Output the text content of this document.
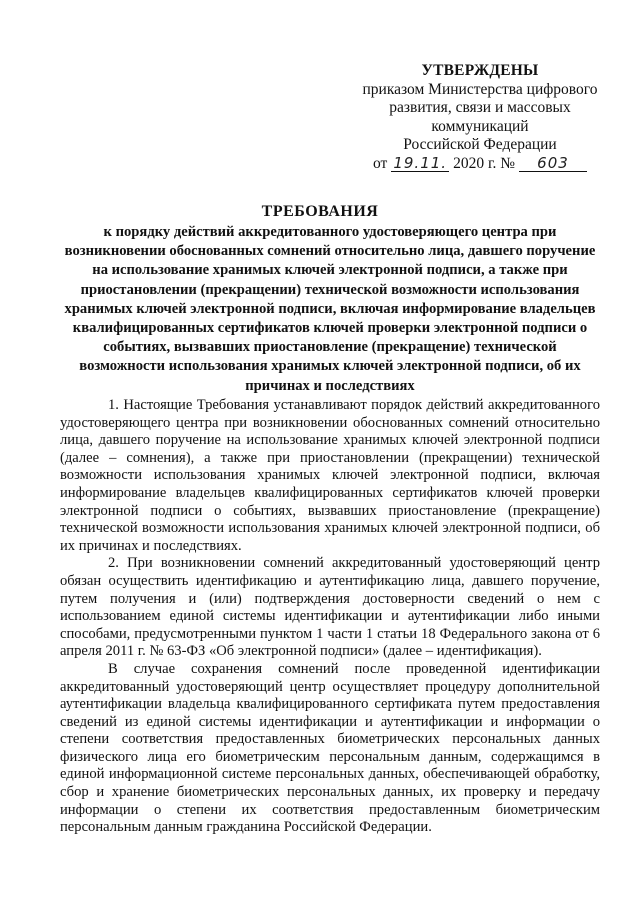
УТВЕРЖДЕНЫ
приказом Министерства цифрового
развития, связи и массовых
коммуникаций
Российской Федерации
от 19.11. 2020 г. № 603
ТРЕБОВАНИЯ
к порядку действий аккредитованного удостоверяющего центра при возникновении обоснованных сомнений относительно лица, давшего поручение на использование хранимых ключей электронной подписи, а также при приостановлении (прекращении) технической возможности использования хранимых ключей электронной подписи, включая информирование владельцев квалифицированных сертификатов ключей проверки электронной подписи о событиях, вызвавших приостановление (прекращение) технической возможности использования хранимых ключей электронной подписи, об их причинах и последствиях

1. Настоящие Требования устанавливают порядок действий аккредитованного удостоверяющего центра при возникновении обоснованных сомнений относительно лица, давшего поручение на использование хранимых ключей электронной подписи (далее – сомнения), а также при приостановлении (прекращении) технической возможности использования хранимых ключей электронной подписи, включая информирование владельцев квалифицированных сертификатов ключей проверки электронной подписи о событиях, вызвавших приостановление (прекращение) технической возможности использования хранимых ключей электронной подписи, об их причинах и последствиях.

2. При возникновении сомнений аккредитованный удостоверяющий центр обязан осуществить идентификацию и аутентификацию лица, давшего поручение, путем получения и (или) подтверждения достоверности сведений о нем с использованием единой системы идентификации и аутентификации либо иными способами, предусмотренными пунктом 1 части 1 статьи 18 Федерального закона от 6 апреля 2011 г. № 63-ФЗ «Об электронной подписи» (далее – идентификация).

В случае сохранения сомнений после проведенной идентификации аккредитованный удостоверяющий центр осуществляет процедуру дополнительной аутентификации владельца квалифицированного сертификата путем предоставления сведений из единой системы идентификации и аутентификации и информации о степени соответствия предоставленных биометрических персональных данных физического лица его биометрическим персональным данным, содержащимся в единой информационной системе персональных данных, обеспечивающей обработку, сбор и хранение биометрических персональных данных, их проверку и передачу информации о степени их соответствия предоставленным биометрическим персональным данным гражданина Российской Федерации.
